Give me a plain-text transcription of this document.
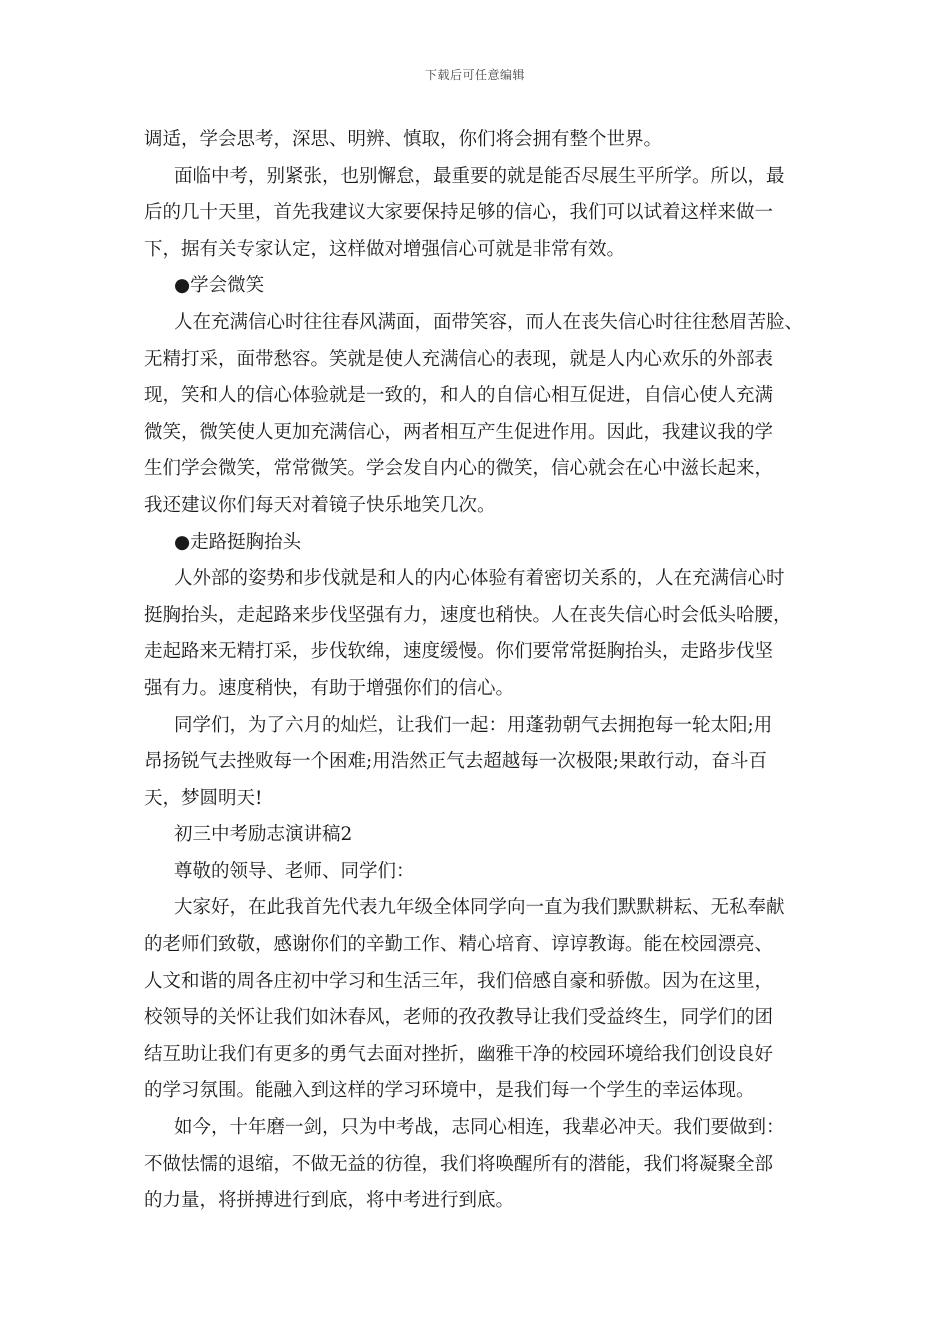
下载后可任意编辑
调适，学会思考，深思、明辨、慎取，你们将会拥有整个世界。
面临中考，别紧张，也别懈怠，最重要的就是能否尽展生平所学。所以，最
后的几十天里，首先我建议大家要保持足够的信心，我们可以试着这样来做一
下，据有关专家认定，这样做对增强信心可就是非常有效。
●学会微笑
人在充满信心时往往春风满面，面带笑容，而人在丧失信心时往往愁眉苦脸、
无精打采，面带愁容。笑就是使人充满信心的表现，就是人内心欢乐的外部表
现，笑和人的信心体验就是一致的，和人的自信心相互促进，自信心使人充满
微笑，微笑使人更加充满信心，两者相互产生促进作用。因此，我建议我的学
生们学会微笑，常常微笑。学会发自内心的微笑，信心就会在心中滋长起来，
我还建议你们每天对着镜子快乐地笑几次。
●走路挺胸抬头
人外部的姿势和步伐就是和人的内心体验有着密切关系的，人在充满信心时
挺胸抬头，走起路来步伐坚强有力，速度也稍快。人在丧失信心时会低头哈腰，
走起路来无精打采，步伐软绵，速度缓慢。你们要常常挺胸抬头，走路步伐坚
强有力。速度稍快，有助于增强你们的信心。
同学们，为了六月的灿烂，让我们一起：用蓬勃朝气去拥抱每一轮太阳;用
昂扬锐气去挫败每一个困难;用浩然正气去超越每一次极限;果敢行动，奋斗百
天，梦圆明天!
初三中考励志演讲稿2
尊敬的领导、老师、同学们：
大家好，在此我首先代表九年级全体同学向一直为我们默默耕耘、无私奉献
的老师们致敬，感谢你们的辛勤工作、精心培育、谆谆教诲。能在校园漂亮、
人文和谐的周各庄初中学习和生活三年，我们倍感自豪和骄傲。因为在这里，
校领导的关怀让我们如沐春风，老师的孜孜教导让我们受益终生，同学们的团
结互助让我们有更多的勇气去面对挫折，幽雅干净的校园环境给我们创设良好
的学习氛围。能融入到这样的学习环境中，是我们每一个学生的幸运体现。
如今，十年磨一剑，只为中考战，志同心相连，我辈必冲天。我们要做到：
不做怯懦的退缩，不做无益的彷徨，我们将唤醒所有的潜能，我们将凝聚全部
的力量，将拼搏进行到底，将中考进行到底。
